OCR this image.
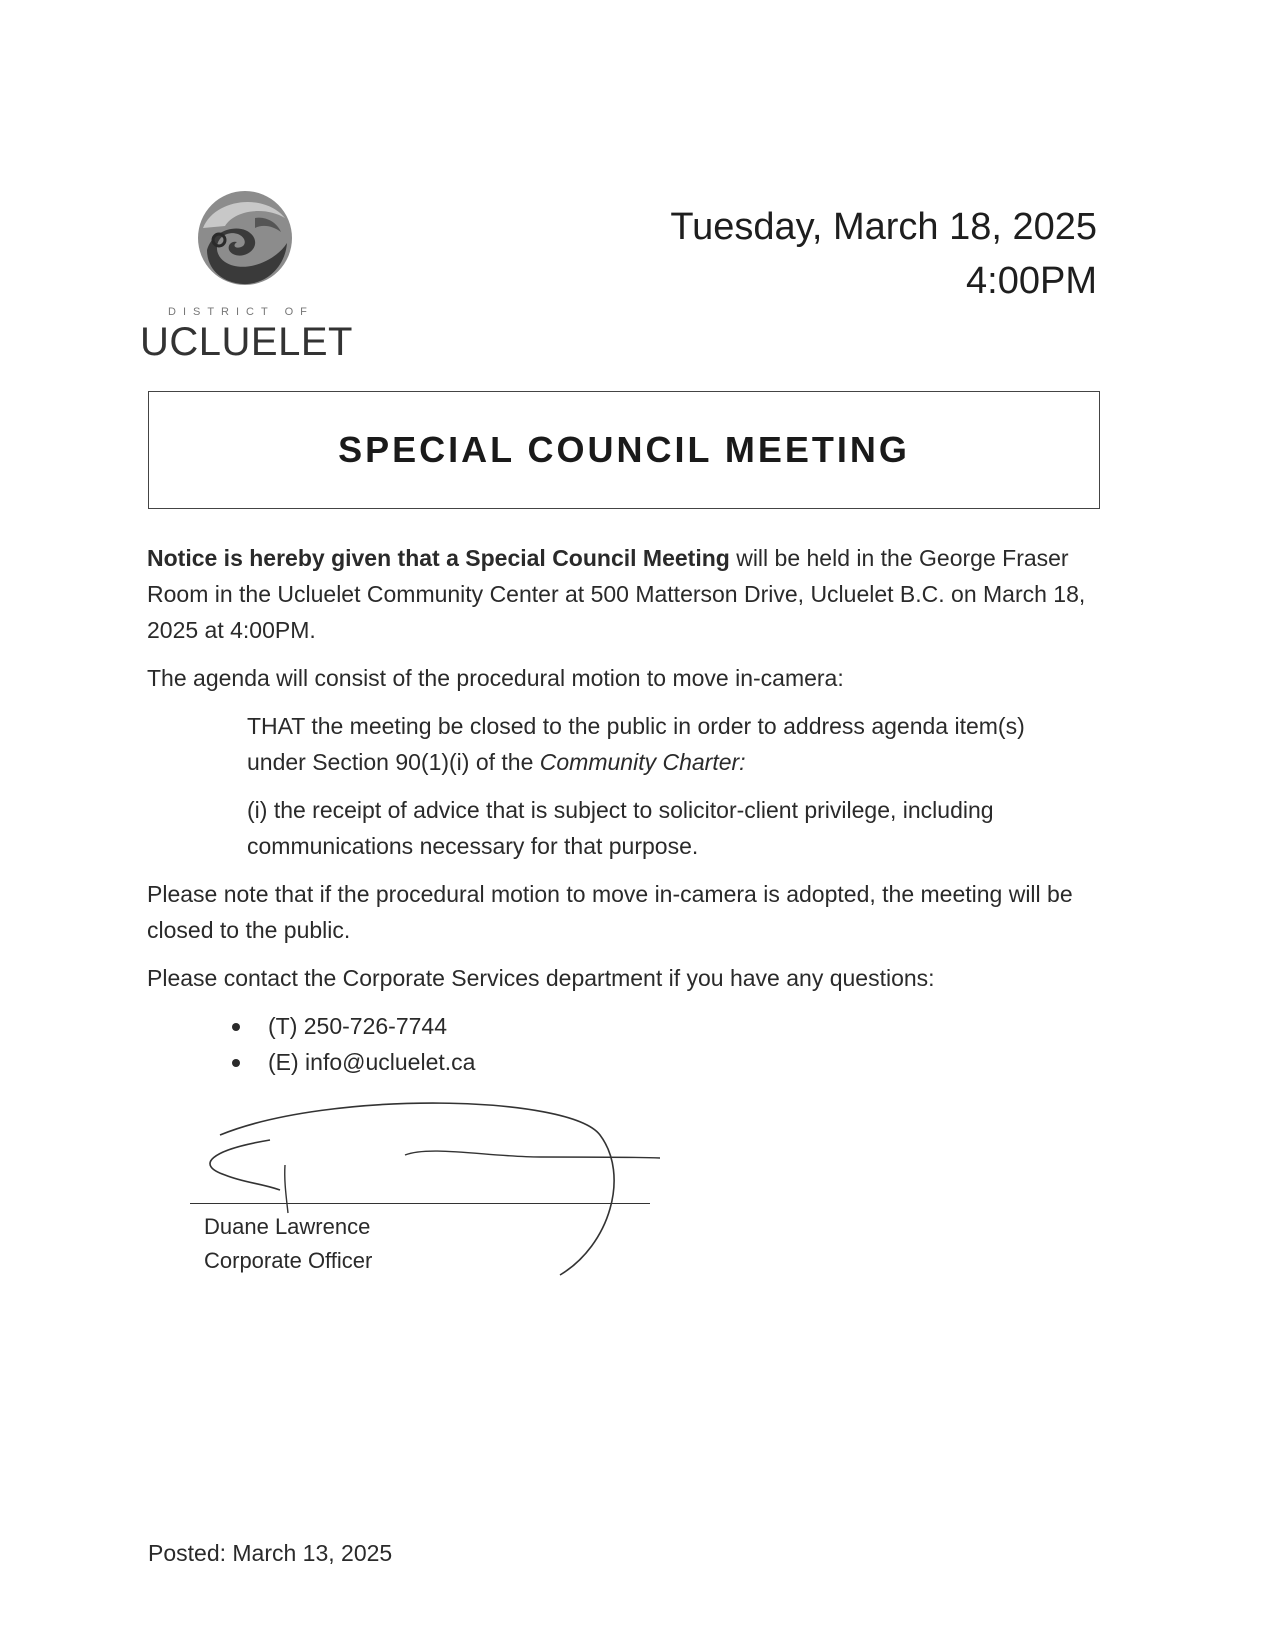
DISTRICT OF
UCLUELET
Tuesday, March 18, 2025
4:00PM
SPECIAL COUNCIL MEETING

Notice is hereby given that a Special Council Meeting will be held in the George Fraser Room in the Ucluelet Community Center at 500 Matterson Drive, Ucluelet B.C. on March 18, 2025 at 4:00PM.

The agenda will consist of the procedural motion to move in-camera:

THAT the meeting be closed to the public in order to address agenda item(s) under Section 90(1)(i) of the Community Charter:

(i) the receipt of advice that is subject to solicitor-client privilege, including communications necessary for that purpose.

Please note that if the procedural motion to move in-camera is adopted, the meeting will be closed to the public.

Please contact the Corporate Services department if you have any questions:

(T) 250-726-7744
(E) info@ucluelet.ca
Duane Lawrence
Corporate Officer
Posted: March 13, 2025
